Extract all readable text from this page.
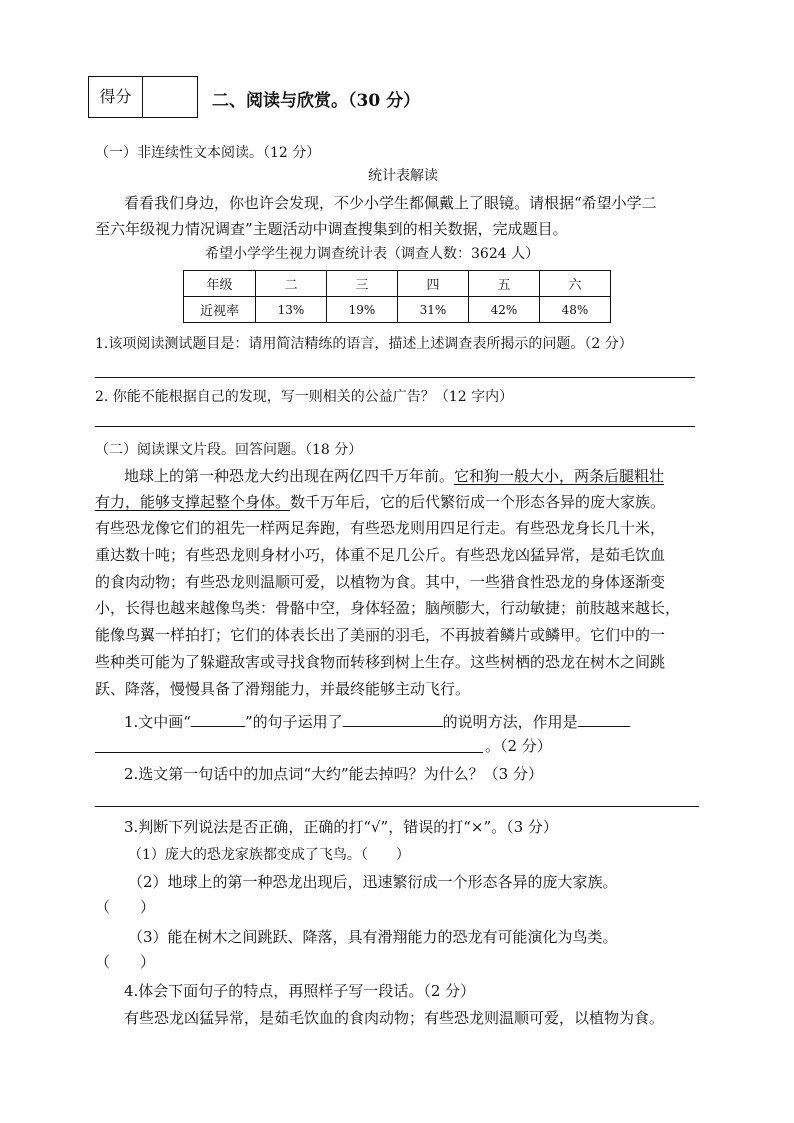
得分	二、阅读与欣赏。（30 分）
（一）非连续性文本阅读。（12 分）
统计表解读
看看我们身边，你也许会发现，不少小学生都佩戴上了眼镜。请根据“希望小学二
至六年级视力情况调查”主题活动中调查搜集到的相关数据，完成题目。
希望小学学生视力调查统计表（调查人数：3624 人）
年级	二	三	四	五	六
近视率	13%	19%	31%	42%	48%
1.该项阅读测试题目是：请用简洁精练的语言，描述上述调查表所揭示的问题。（2 分）
2. 你能不能根据自己的发现，写一则相关的公益广告？（12 字内）
（二）阅读课文片段。回答问题。（18 分）
地球上的第一种恐龙大约出现在两亿四千万年前。它和狗一般大小，两条后腿粗壮
有力，能够支撑起整个身体。数千万年后，它的后代繁衍成一个形态各异的庞大家族。
有些恐龙像它们的祖先一样两足奔跑，有些恐龙则用四足行走。有些恐龙身长几十米，
重达数十吨；有些恐龙则身材小巧，体重不足几公斤。有些恐龙凶猛异常，是茹毛饮血
的食肉动物；有些恐龙则温顺可爱，以植物为食。其中，一些猎食性恐龙的身体逐渐变
小，长得也越来越像鸟类：骨骼中空，身体轻盈；脑颅膨大，行动敏捷；前肢越来越长，
能像鸟翼一样拍打；它们的体表长出了美丽的羽毛，不再披着鳞片或鳞甲。它们中的一
些种类可能为了躲避敌害或寻找食物而转移到树上生存。这些树栖的恐龙在树木之间跳
跃、降落，慢慢具备了滑翔能力，并最终能够主动飞行。
1.文中画“	”的句子运用了	的说明方法，作用是
。（2 分）
2.选文第一句话中的加点词“大约”能去掉吗？为什么？（3 分）
3.判断下列说法是否正确，正确的打“√”，错误的打“×”。（3 分）
（1）庞大的恐龙家族都变成了飞鸟。（　　）
（2）地球上的第一种恐龙出现后，迅速繁衍成一个形态各异的庞大家族。
（　　）
（3）能在树木之间跳跃、降落，具有滑翔能力的恐龙有可能演化为鸟类。
（　　）
4.体会下面句子的特点，再照样子写一段话。（2 分）
有些恐龙凶猛异常，是茹毛饮血的食肉动物；有些恐龙则温顺可爱，以植物为食。
